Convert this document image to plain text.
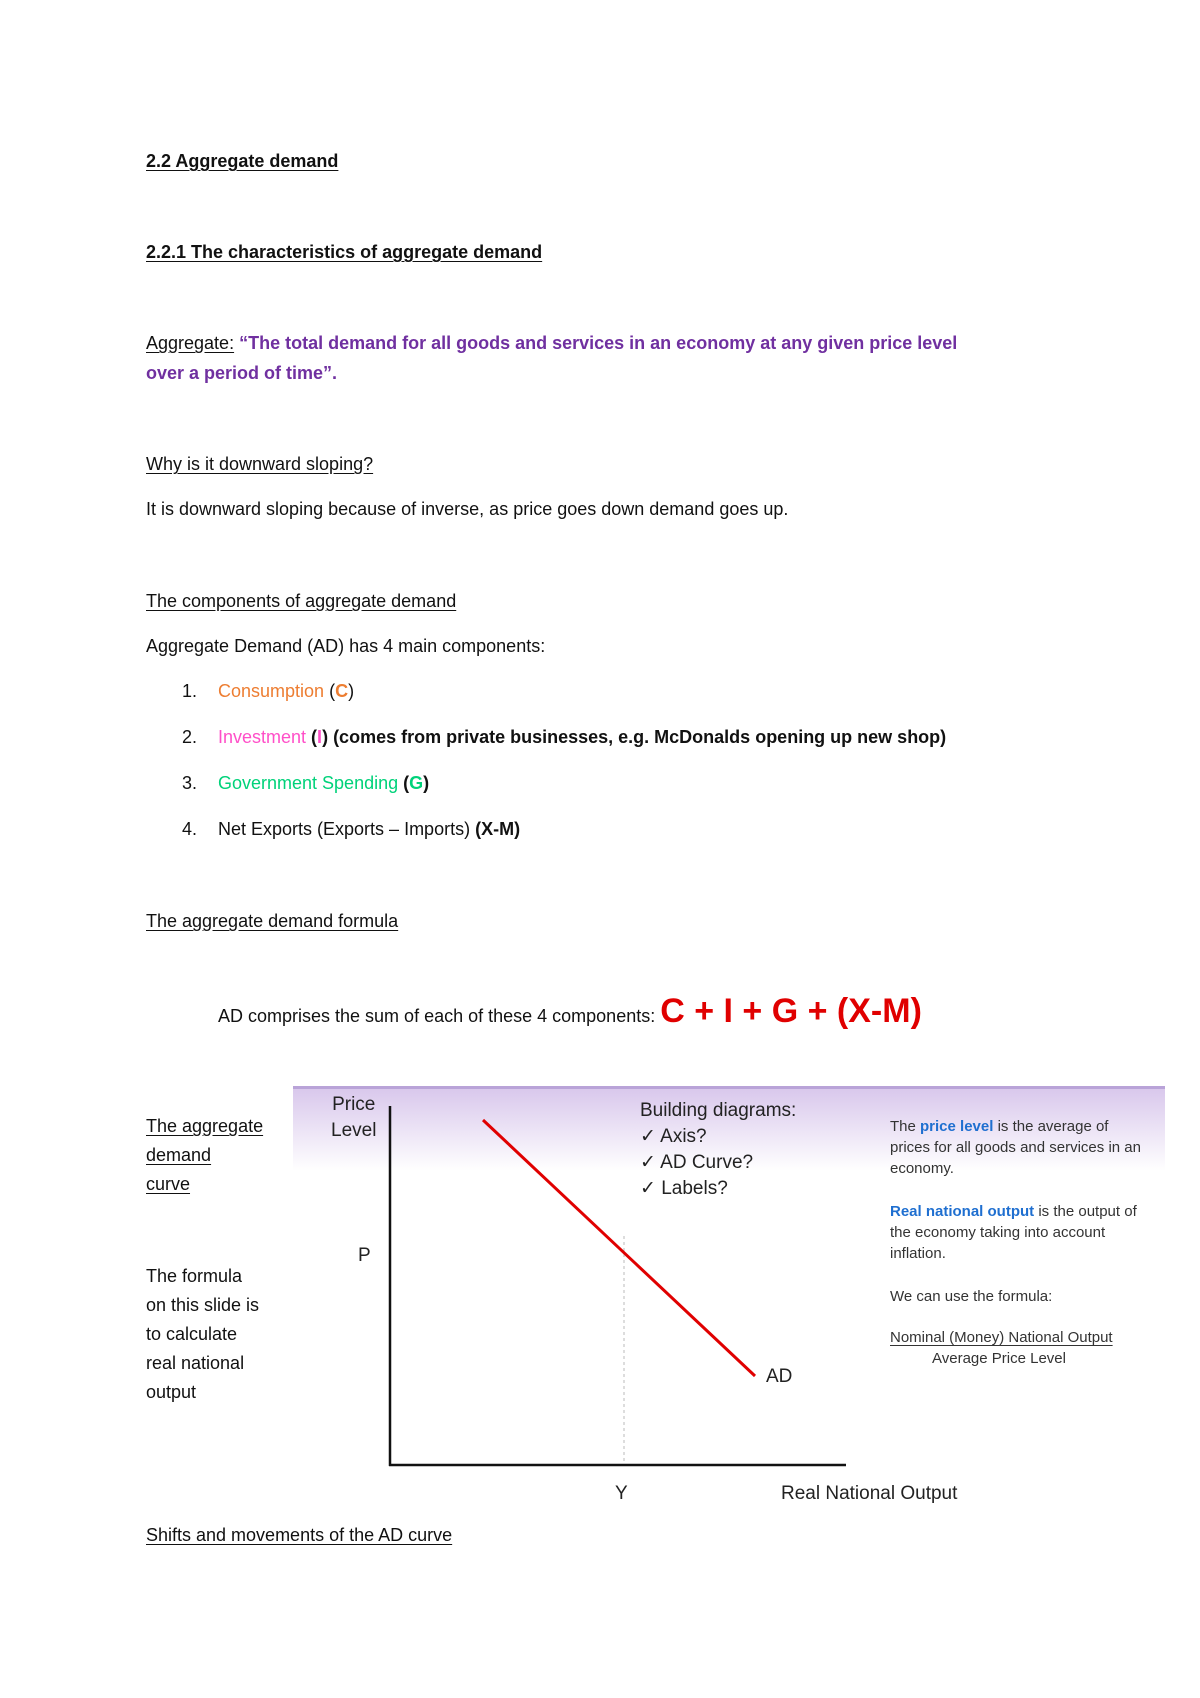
2.2 Aggregate demand

2.2.1 The characteristics of aggregate demand

Aggregate: “The total demand for all goods and services in an economy at any given price level

over a period of time”.

Why is it downward sloping?

It is downward sloping because of inverse, as price goes down demand goes up.

The components of aggregate demand

Aggregate Demand (AD) has 4 main components:

1.	Consumption (C)
2.	Investment (I) (comes from private businesses, e.g. McDonalds opening up new shop)
3.	Government Spending (G)
4.	Net Exports (Exports – Imports) (X-M)

The aggregate demand formula

AD comprises the sum of each of these 4 components: C + I + G + (X-M)

The aggregate
demand
curve
The formula
on this slide is
to calculate
real national
output
Price
Level
P
Y	Real National Output
AD
Building diagrams:
✓ Axis?
✓ AD Curve?
✓ Labels?
The price level is the average of
prices for all goods and services in an
economy.
Real national output is the output of
the economy taking into account
inflation.
We can use the formula:
Nominal (Money) National Output
Average Price Level

Shifts and movements of the AD curve
